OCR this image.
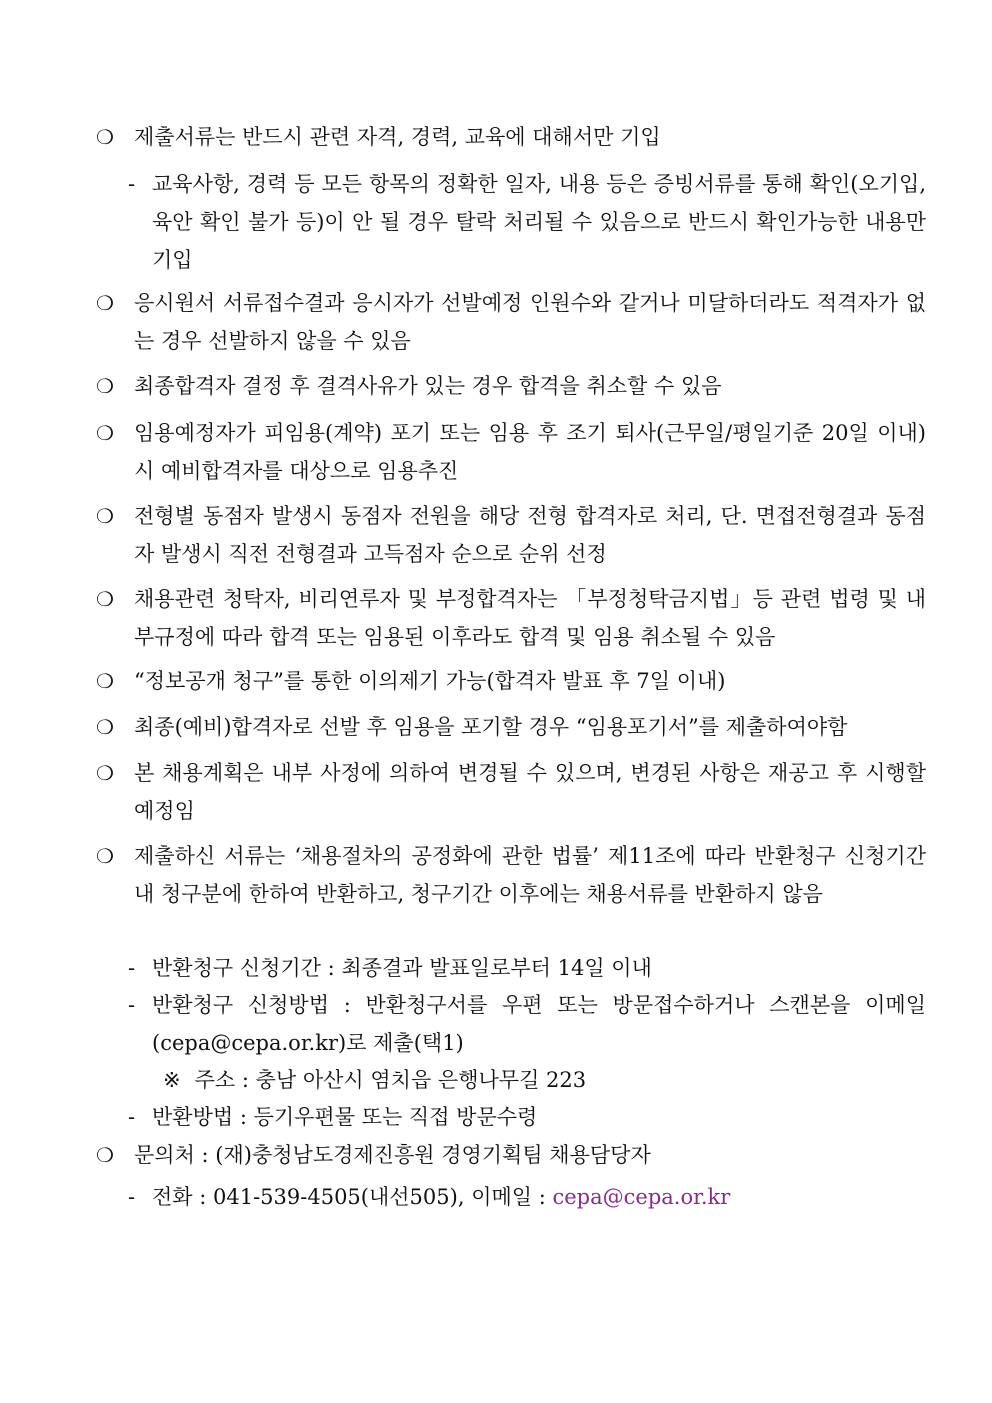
❍ 제출서류는 반드시 관련 자격, 경력, 교육에 대해서만 기입
- 교육사항, 경력 등 모든 항목의 정확한 일자, 내용 등은 증빙서류를 통해 확인(오기입, 육안 확인 불가 등)이 안 될 경우 탈락 처리될 수 있음으로 반드시 확인가능한 내용만 기입
❍ 응시원서 서류접수결과 응시자가 선발예정 인원수와 같거나 미달하더라도 적격자가 없는 경우 선발하지 않을 수 있음
❍ 최종합격자 결정 후 결격사유가 있는 경우 합격을 취소할 수 있음
❍ 임용예정자가 피임용(계약) 포기 또는 임용 후 조기 퇴사(근무일/평일기준 20일 이내)시 예비합격자를 대상으로 임용추진
❍ 전형별 동점자 발생시 동점자 전원을 해당 전형 합격자로 처리, 단. 면접전형결과 동점자 발생시 직전 전형결과 고득점자 순으로 순위 선정
❍ 채용관련 청탁자, 비리연루자 및 부정합격자는 「부정청탁금지법」등 관련 법령 및 내부규정에 따라 합격 또는 임용된 이후라도 합격 및 임용 취소될 수 있음
❍ “정보공개 청구”를 통한 이의제기 가능(합격자 발표 후 7일 이내)
❍ 최종(예비)합격자로 선발 후 임용을 포기할 경우 “임용포기서”를 제출하여야함
❍ 본 채용계획은 내부 사정에 의하여 변경될 수 있으며, 변경된 사항은 재공고 후 시행할 예정임
❍ 제출하신 서류는 ‘채용절차의 공정화에 관한 법률’ 제11조에 따라 반환청구 신청기간 내 청구분에 한하여 반환하고, 청구기간 이후에는 채용서류를 반환하지 않음
- 반환청구 신청기간 : 최종결과 발표일로부터 14일 이내
- 반환청구 신청방법 : 반환청구서를 우편 또는 방문접수하거나 스캔본을 이메일(cepa@cepa.or.kr)로 제출(택1)
※ 주소 : 충남 아산시 염치읍 은행나무길 223
- 반환방법 : 등기우편물 또는 직접 방문수령
❍ 문의처 : (재)충청남도경제진흥원 경영기획팀 채용담당자
- 전화 : 041-539-4505(내선505), 이메일 : cepa@cepa.or.kr
